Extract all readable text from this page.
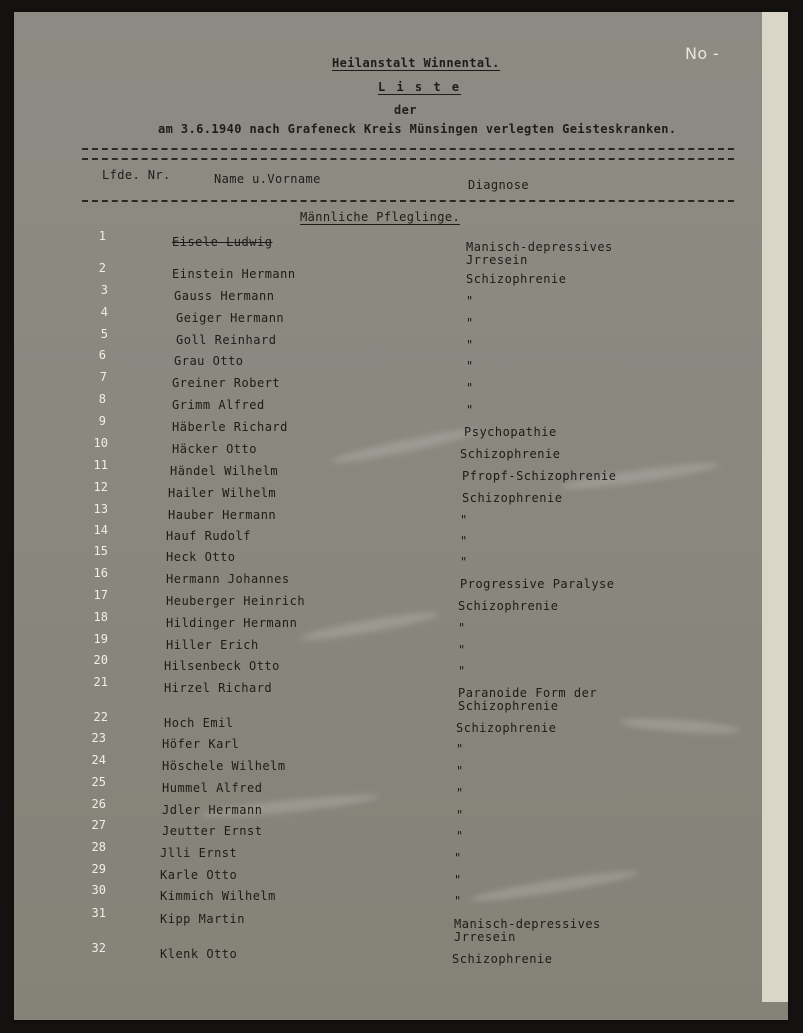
Heilanstalt Winnental.
L i s t e
der
am 3.6.1940 nach Grafeneck Kreis Münsingen verlegten Geisteskranken.
No -
Lfde. Nr.	Name u.Vorname	Diagnose
Männliche Pfleglinge.
1	Eisele Ludwig	Manisch-depressives
Jrresein
2	Einstein Hermann	Schizophrenie
3	Gauss Hermann	"
4	Geiger Hermann	"
5	Goll Reinhard	"
6	Grau Otto	"
7	Greiner Robert	"
8	Grimm Alfred	"
9	Häberle Richard	Psychopathie
10	Häcker Otto	Schizophrenie
11	Händel Wilhelm	Pfropf-Schizophrenie
12	Hailer Wilhelm	Schizophrenie
13	Hauber Hermann	"
14	Hauf Rudolf	"
15	Heck Otto	"
16	Hermann Johannes	Progressive Paralyse
17	Heuberger Heinrich	Schizophrenie
18	Hildinger Hermann	"
19	Hiller Erich	"
20	Hilsenbeck Otto	"
21	Hirzel Richard	Paranoide Form der
Schizophrenie
22	Hoch Emil	Schizophrenie
23	Höfer Karl	"
24	Höschele Wilhelm	"
25	Hummel Alfred	"
26	Jdler Hermann	"
27	Jeutter Ernst	"
28	Jlli Ernst	"
29	Karle Otto	"
30	Kimmich Wilhelm	"
31	Kipp Martin	Manisch-depressives
Jrresein
32	Klenk Otto	Schizophrenie
